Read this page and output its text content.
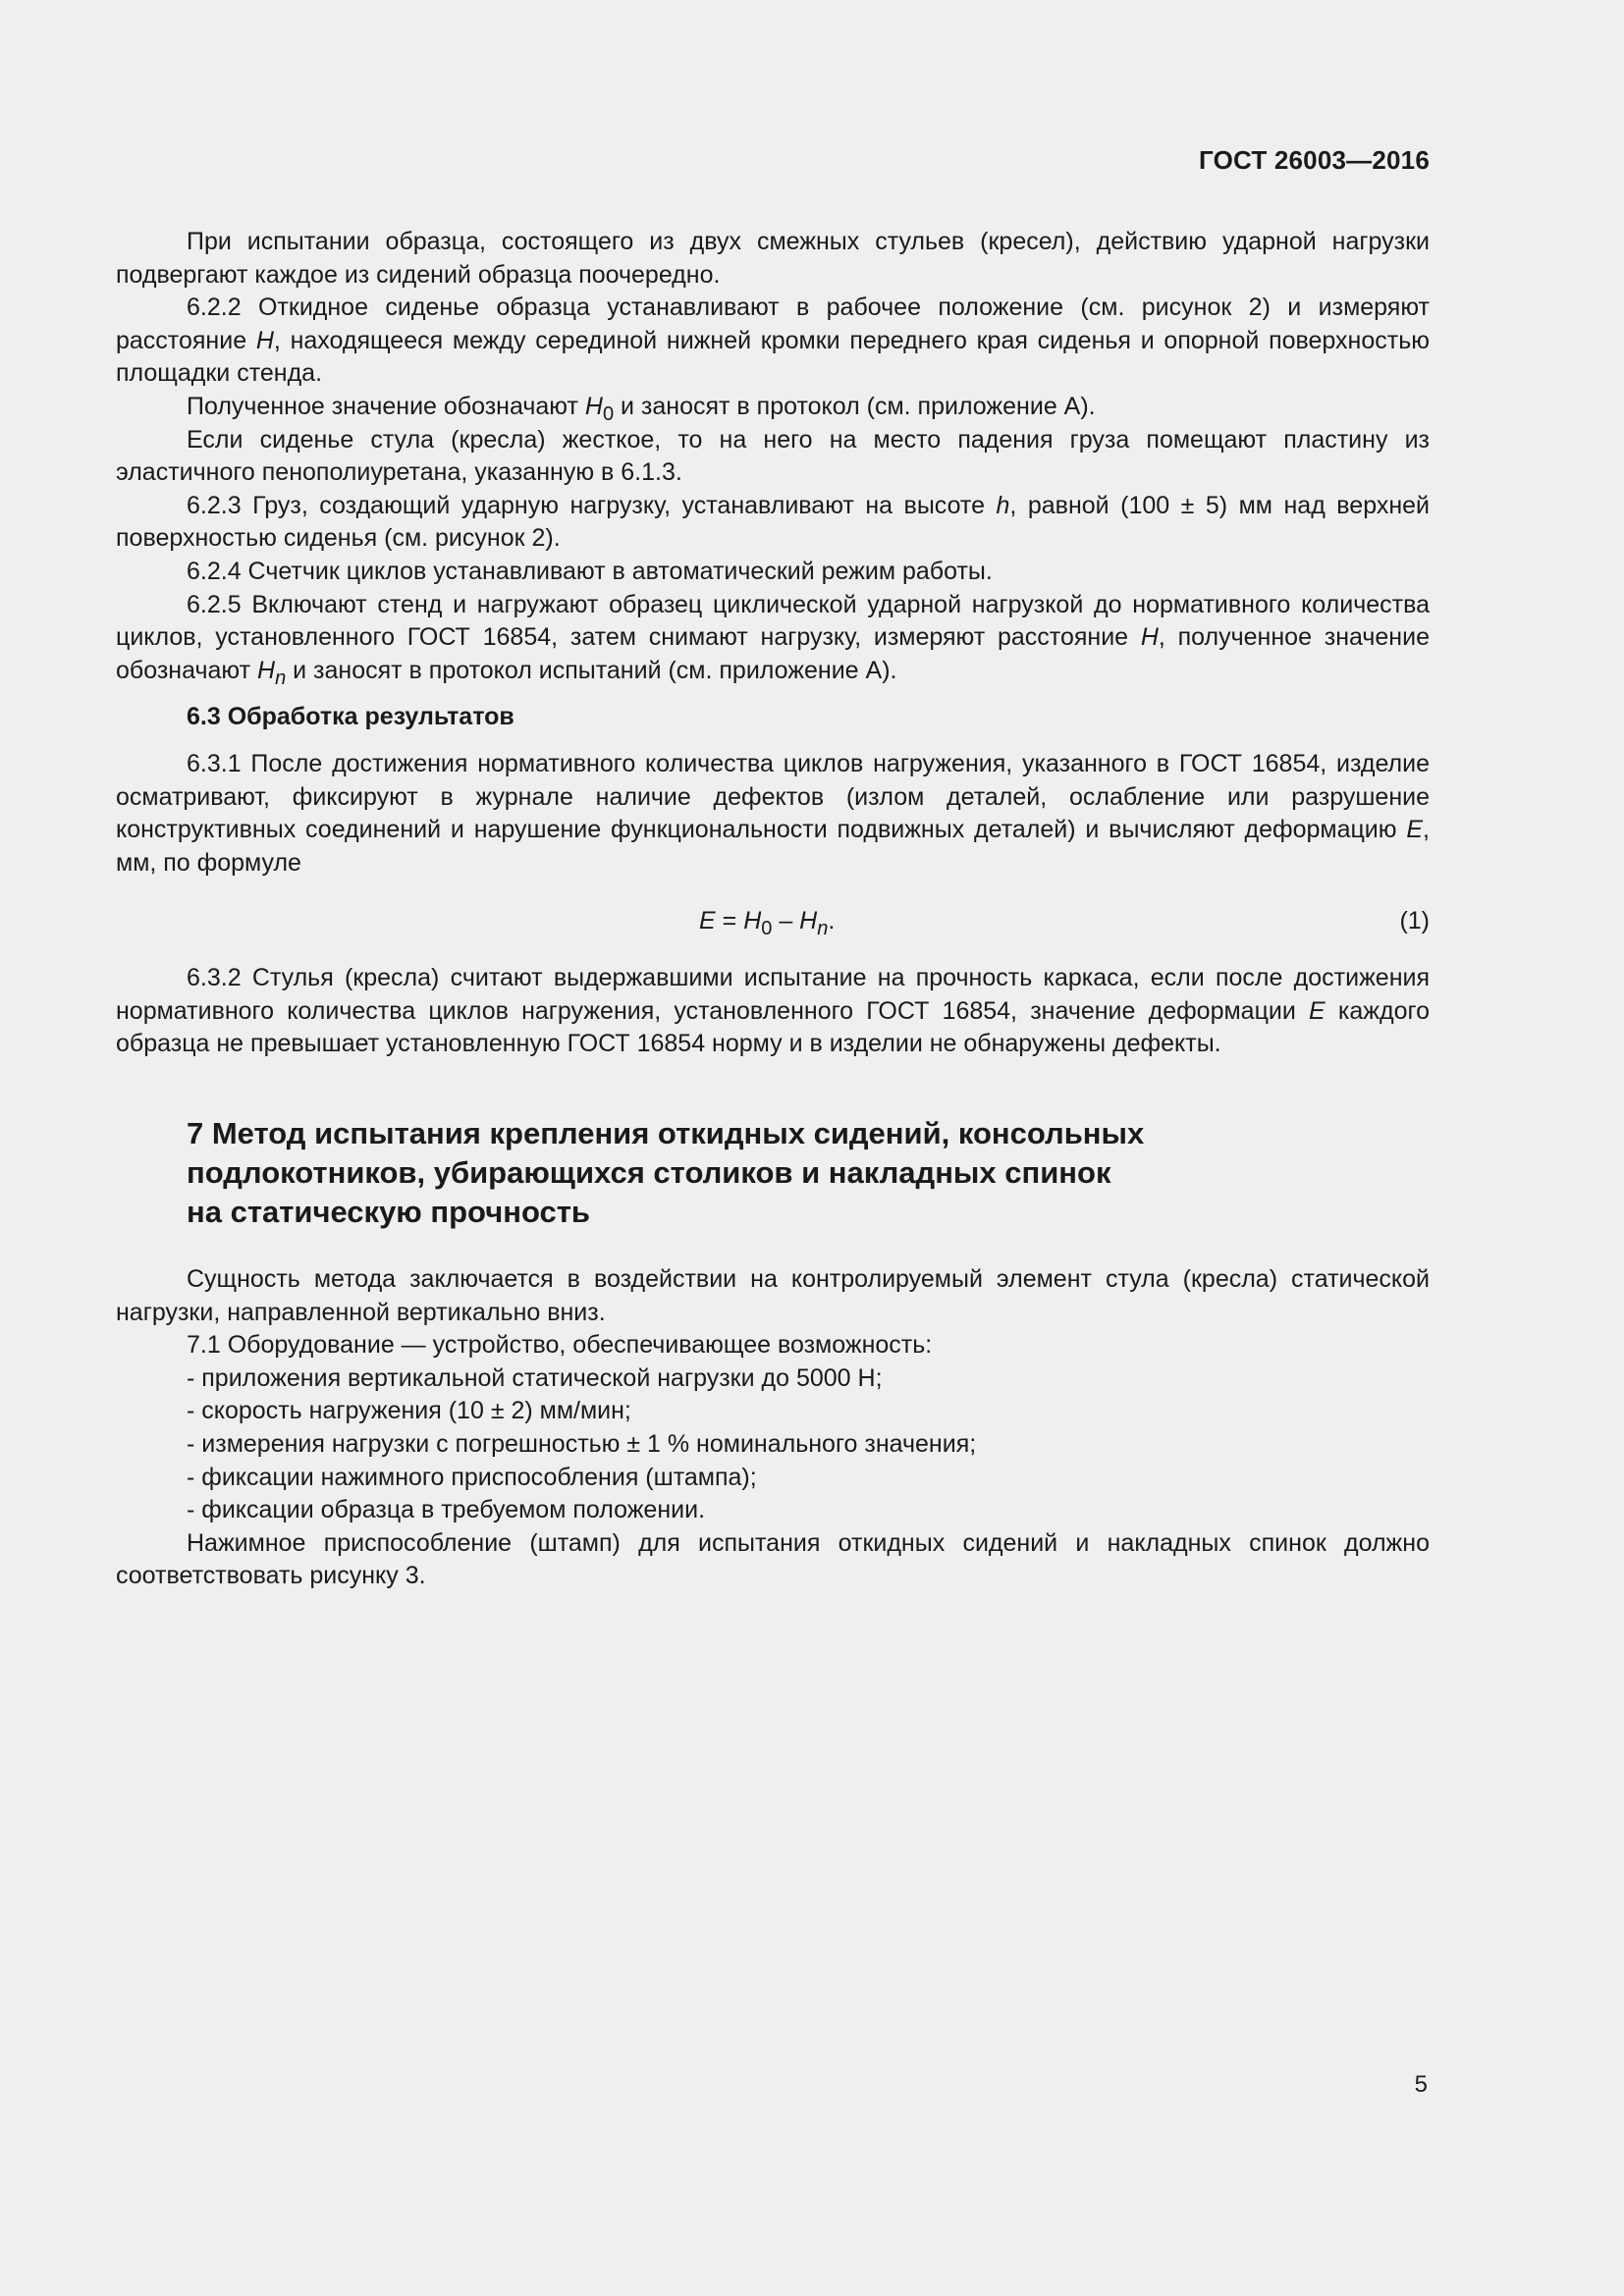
ГОСТ 26003—2016

При испытании образца, состоящего из двух смежных стульев (кресел), действию ударной нагрузки подвергают каждое из сидений образца поочередно.

6.2.2 Откидное сиденье образца устанавливают в рабочее положение (см. рисунок 2) и измеряют расстояние H, находящееся между серединой нижней кромки переднего края сиденья и опорной поверхностью площадки стенда.

Полученное значение обозначают $H_0$ и заносят в протокол (см. приложение А).

Если сиденье стула (кресла) жесткое, то на него на место падения груза помещают пластину из эластичного пенополиуретана, указанную в 6.1.3.

6.2.3 Груз, создающий ударную нагрузку, устанавливают на высоте h, равной (100 ± 5) мм над верхней поверхностью сиденья (см. рисунок 2).

6.2.4 Счетчик циклов устанавливают в автоматический режим работы.

6.2.5 Включают стенд и нагружают образец циклической ударной нагрузкой до нормативного количества циклов, установленного ГОСТ 16854, затем снимают нагрузку, измеряют расстояние H, полученное значение обозначают $H_n$ и заносят в протокол испытаний (см. приложение А).

6.3 Обработка результатов

6.3.1 После достижения нормативного количества циклов нагружения, указанного в ГОСТ 16854, изделие осматривают, фиксируют в журнале наличие дефектов (излом деталей, ослабление или разрушение конструктивных соединений и нарушение функциональности подвижных деталей) и вычисляют деформацию E, мм, по формуле

$E = H_0 - H_n$.	(1)

6.3.2 Стулья (кресла) считают выдержавшими испытание на прочность каркаса, если после достижения нормативного количества циклов нагружения, установленного ГОСТ 16854, значение деформации E каждого образца не превышает установленную ГОСТ 16854 норму и в изделии не обнаружены дефекты.

7 Метод испытания крепления откидных сидений, консольных
подлокотников, убирающихся столиков и накладных спинок
на статическую прочность

Сущность метода заключается в воздействии на контролируемый элемент стула (кресла) статической нагрузки, направленной вертикально вниз.

7.1 Оборудование — устройство, обеспечивающее возможность:

- приложения вертикальной статической нагрузки до 5000 Н;

- скорость нагружения (10 ± 2) мм/мин;

- измерения нагрузки с погрешностью ± 1 % номинального значения;

- фиксации нажимного приспособления (штампа);

- фиксации образца в требуемом положении.

Нажимное приспособление (штамп) для испытания откидных сидений и накладных спинок должно соответствовать рисунку 3.

5
